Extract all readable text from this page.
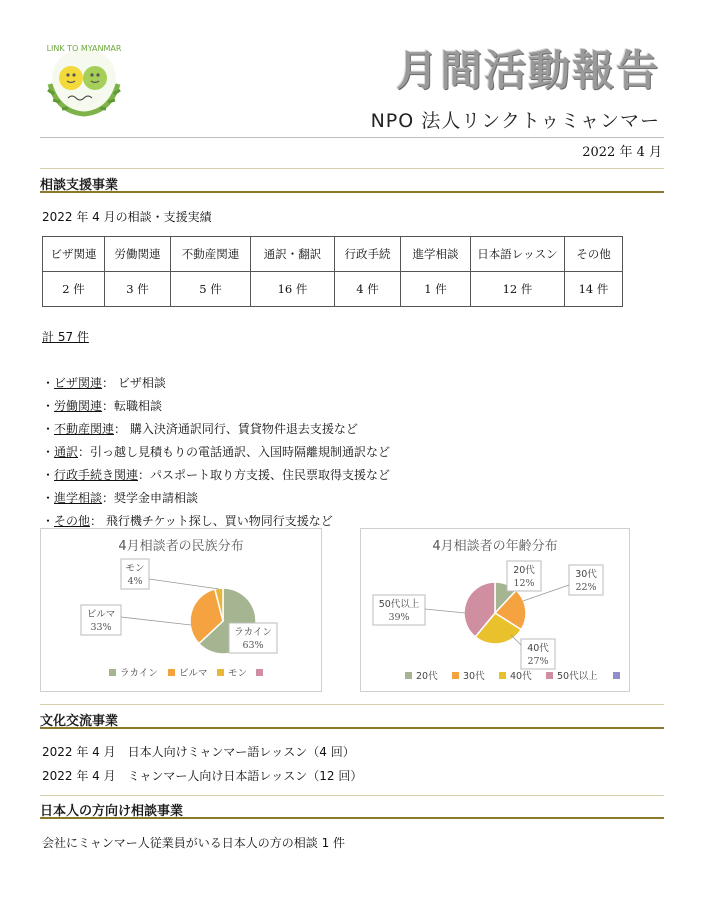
LINK TO MYANMAR	月間活動報告
NPO 法人リンクトゥミャンマー
2022 年 4 月
相談支援事業
2022 年 4 月の相談・支援実績
ビザ関連	労働関連	不動産関連	通訳・翻訳	行政手続	進学相談	日本語レッスン	その他
2 件	3 件	5 件	16 件	4 件	1 件	12 件	14 件
計 57 件
・ビザ関連： ビザ相談
・労働関連：転職相談
・不動産関連： 購入決済通訳同行、賃貸物件退去支援など
・通訳：引っ越し見積もりの電話通訳、入国時隔離規制通訳など
・行政手続き関連：パスポート取り方支援、住民票取得支援など
・進学相談：奨学金申請相談
・その他： 飛行機チケット探し、買い物同行支援など
4月相談者の民族分布
ラカイン
63%
ビルマ
33%
モン
4%
ラカイン ビルマ モン
4月相談者の年齢分布
20代
12%
30代
22%
40代
27%
50代以上
39%
20代	30代	40代	50代以上
文化交流事業
2022 年 4 月　日本人向けミャンマー語レッスン（4 回）
2022 年 4 月　ミャンマー人向け日本語レッスン（12 回）
日本人の方向け相談事業
会社にミャンマー人従業員がいる日本人の方の相談 1 件
